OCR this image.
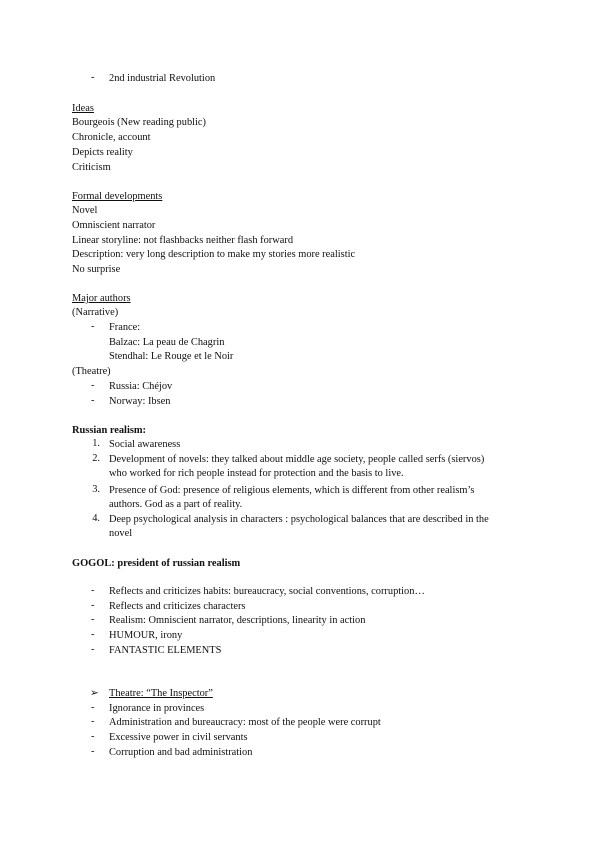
-	2nd industrial Revolution
Ideas
Bourgeois (New reading public)
Chronicle, account
Depicts reality
Criticism
Formal developments
Novel
Omniscient narrator
Linear storyline: not flashbacks neither flash forward
Description: very long description to make my stories more realistic
No surprise
Major authors
(Narrative)
-	France:
Balzac: La peau de Chagrin
Stendhal: Le Rouge et le Noir
(Theatre)
-	Russia: Chéjov
-	Norway: Ibsen
Russian realism:
1. Social awareness
2. Development of novels: they talked about middle age society, people called serfs (siervos)
who worked for rich people instead for protection and the basis to live.
3. Presence of God: presence of religious elements, which is different from other realism’s
authors. God as a part of reality.
4. Deep psychological analysis in characters : psychological balances that are described in the
novel
GOGOL: president of russian realism
-	Reflects and criticizes habits: bureaucracy, social conventions, corruption…
-	Reflects and criticizes characters
-	Realism: Omniscient narrator, descriptions, linearity in action
-	HUMOUR, irony
-	FANTASTIC ELEMENTS
➢ Theatre: “The Inspector”
-	Ignorance in provinces
-	Administration and bureaucracy: most of the people were corrupt
-	Excessive power in civil servants
-	Corruption and bad administration
